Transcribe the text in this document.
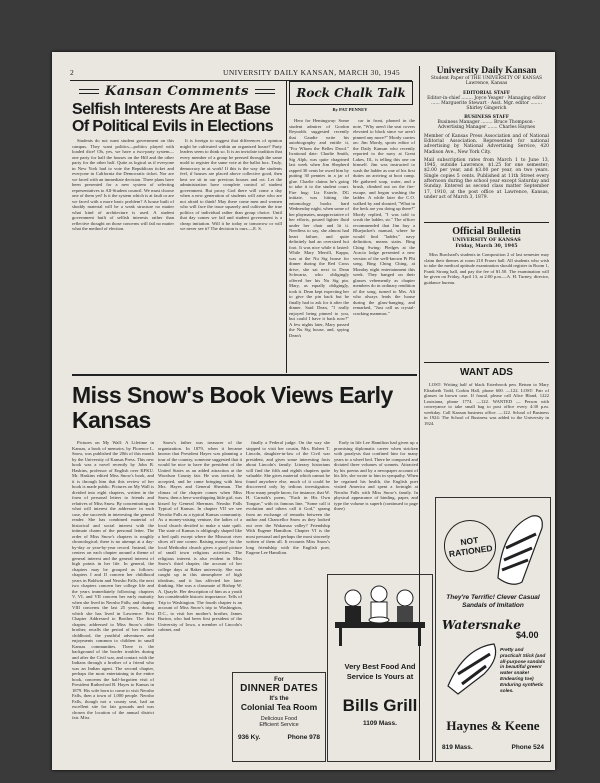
2	UNIVERSITY DAILY KANSAN, MARCH 30, 1945
Kansan Comments
Selfish Interests Are at Base Of Political Evils in Elections

Students do not want student government on this campus. They want politics—politics played with loaded dice! Oh, yes, we have a two-party system—one party for half the houses on the Hill and the other party for the other half. Quite as logical as if everyone in New York had to vote the Republican ticket and everyone in California the Democratic ticket. Nor are we faced with an immediate decision. Three plans have been presented for a new system of selecting representatives to All-Student council. We must choose one of them yet! Is it the system which is at fault or are we faced with a more basic problem? A house built of shoddy material will be a weak structure no matter what kind of architecture is used. A student government built of selfish interests rather than reflective thought on those concerns will fail no matter what the method of election.

It is foreign to suggest that differences of opinion might be cultivated within an organized house? Party leaders seem to think so. It is an inviolate tradition that every member of a group be pressed through the same mold to register the same vote at the ballot box. Truly, democracy in at work! If this is the way the students feel, if houses are placed above collective good, then best we sit in our previous houses and rot. Let the administration have complete control of student government. But proxy God there will come a day when a new generation of students will arise who are not afraid to think! May there come men and women who will face the issue squarely and cultivate the true politics of individual rather than group choice. Until that day comes we fail and student government is a cheap imitation. Will it be today or tomorrow or will we never see it? The decision is ours.—E. S.

Rock Chalk Talk
By PAT PENNEY

Hero for Hemingway: Some student admirer of Gordon Reynolds suggested recently that Gaudie write his autobiography and entitle it, "For Whom the Belles Drool." Irrational date: Charlie Smith, Sig Alph, was quite chagrined last week when Jim Shepherd rapped 30 cents he owed him by putting 30 pennies in a jar of glue. Charlie claims he's going to take it to the student court. Fire bug: Liz Esterle, DG initiate, was hitting the entomology books hard Wednesday night, when some of her playmates, unappreciative of her efforts, poured lighter fluid under her chair and lit it. Needless to say, she almost had heart failure, and quite definitely had an oversized hot foot. It was nice while it lasted: While Mary Merrill, Kappa, was at the Nu Sig house for dinner during the Red Cross drive, she sat next to Dean Schwartz, who obligingly offered her his Nu Sig pin. Mary, as equally obligingly, took it. Dean kept expecting her to give the pin back but he finally had to ask for it after the dinner. Said Dean, "I really enjoyed being pinned to you, but could I have it back now?" A few nights later, Mary passed the Nu Sig house, and, spying Dean's

car in front, phoned in the note, "Why aren't the seat covers elevated to black since we aren't pinned any more?" Mordy carries on: Jim Mordy, sports editor of the Daily Kansan who recently reported to the navy at Great Lakes, Ill., is telling this one on himself. Jim was instructed to wash the ladder as one of his first duties on arriving at boot camp. He gathered soap, water, and a brush, climbed out on the fire-escape, and began washing the ladder. A while later the C.O. walked by and shouted, "What in the heck are you doing up there?" Mordy replied, "I was told to scrub the ladder, sir." The officer recommended that Jim buy a Bluejacket's manual, where he would find "ladder," navy definition, means stairs. Bing Ching Swing: Pledges at the Acacia lodge presented a new version of the well-known Pi Phi song, Bing Ching Ching, at Monday night entertainment this week. They banged on their glasses vehemently as chapter members do in ordinary rendition of the song, turned to Mrs. Alt who always leads the house during the glass-banging, and remarked, "Just call us crystal-cracking mammas."

University Daily Kansan
Student Paper of THE UNIVERSITY OF KANSAS Lawrence, Kansas
EDITORIAL STAFF
Editor-in-chief ........ Joyce Yeager · Managing editor ...... Marguerite Stewart · Asst. Mgr. editor ........ Shirley Gingerich
BUSINESS STAFF
Business Manager ........ Bruce Thompson · Advertising Manager ....... Charles Haynes
Member of Kansas Press Association and of National Editorial Association. Represented for national advertising by National Advertising Service, 420 Madison Ave., New York City.
Mail subscription rates from March 1 to June 13, 1945, outside Lawrence, $1.25 for one semester; $2.00 per year, and $3.00 per year, on two years. Single copies 5 cents. Published at 11th Street every afternoon during the school year except Saturday and Sunday. Entered as second class matter September 17, 1910, at the post office at Lawrence, Kansas, under act of March 3, 1879.
Official Bulletin
UNIVERSITY OF KANSAS
Friday, March 30, 1945

Miss Burchard's students in Composition 2 of last semester may claim their themes at room 210 Fraser hall. All students who wish to take the medical aptitude examination should register in Room 1, Frank Strong hall, and pay the fee of $1.50. The examination will be given on Friday, April 13, at 2:00 p.m.—A. H. Turney, director, guidance bureau.

WANT ADS

LOST: Writing half of black Esterbrook pen. Return to Mary Elizabeth Todd, Corbin Hall, phone 600. —122. LOST: Pair of glasses in brown case. If found, please call Alice Bland, 1222 Louisiana, phone 1774. —122. WANTED — Person with conveyance to take small bag to post office every 4:30 p.m. weekday. Call Kansan business office. —122. School of Business in 1924: The School of Business was added to the University in 1924.

Miss Snow's Book Views Early Kansas

Pictures on My Wall: A Lifetime in Kansas, a book of memoirs, by Florence L. Snow, was published the 20th of this month by the University of Kansas Press. This new book was a novel recently by John B. Haskins, professor of English over KFKU. Mr. Haskins edited Miss Snow's book, and it is through him that this review of her book is made public. Pictures on My Wall is divided into eight chapters, written in the form of personal letters to friends and relatives of Miss Snow. By concentrating on what will interest the addressee in each case, she succeeds in interesting the general reader. She has combined material of historical and social interest with the intimate charm of the personal letter. The order of Miss Snow's chapters is roughly chronological; there is no attempt at a day-by-day or year-by-year record. Instead, the centers on each chapter around a theme of general interest and the general interest of high points in her life. In general, the chapters may be grouped as follows: chapters I and II concern her childhood years in Baldwin and Neosho Falls; the next two chapters concern her college life and the years immediately following; chapters V, VI, and VII concern her early maturity when she lived in Neosho Falls; and chapter VIII concerns the last 25 years, during which she has lived in Lawrence. First Chapter Addressed to Brother. The first chapter, addressed to Miss Snow's older brother, recalls the period of her earliest childhood, the youthful adventures and enjoyments common to children in small Kansas communities. There is the background of the border troubles during and after the Civil war, and contact with the Indians through a brother of a friend who was an Indian agent. The second chapter, perhaps the most entertaining in the entire book, concerns the half-forgotten visit of President Rutherford B. Hayes to Kansas in 1879. His wife born to come to visit Neosho Falls, then a town of 1,000 people. Neosho Falls, though not a county seat, had an excellent site for fair grounds and was chosen the location of the annual district fair. Miss

Snow's father was treasurer of the organization. In 1879, when it became known that President Hayes was planning a tour of the country, someone suggested that it would be nice to have the president of the United States as an added attraction at the Woodson County fair. He was invited, he accepted, and he came bringing with him Mrs. Hayes and General Sherman. The climax of the chapter comes when Miss Snow, then a hero-worshipping little girl, was kissed by General Sherman. Neosho Falls Typical of Kansas. In chapter VII we see Neosho Falls as a typical Kansas community. As a money-raising venture, the ladies of a local church decided to make a state quilt. The state of Kansas is obligingly shaped like a bed quilt except where the Missouri river slices off one corner. Raising money for the local Methodist church gives a good picture of small town religious activities. The religious interest is also evident in Miss Snow's third chapter, the account of her college days at Baker university. She was caught up in this atmosphere of high idealism, and it has affected her later thinking. She was a classmate of Bishop W. A. Quayle. Her description of him as a youth has considerable historic importance. Tells of Trip to Washington. The fourth chapter is an account of Miss Snow's trip to Washington, D.C., to visit her mother's brother, James Burton, who had been first president of the University of Iowa, a member of Lincoln's cabinet, and

finally a Federal judge. On the way she stopped to visit her cousin, Mrs. Robert T. Lincoln, daughter-in-law of the Civil war president, and gives some interesting facts about Lincoln's family. Literary historians will find the fifth and eighth chapters quite valuable. She gives material which cannot be found anywhere else, much of it could be discovered only by tedious investigation. How many people know, for instance, that W. H. Carruth's poem, "Each in His Own Tongue," with its famous line, "Some call it evolution and others call it God," sprang from an exchange of remarks between the author and Chancellor Snow as they looked out over the Wakarusa valley? Friendship With Eugene Hamilton. Chapter VI is the most personal and perhaps the most sincerely written of them all. It recounts Miss Snow's long friendship with the English poet, Eugene Lee Hamilton.

Early in life Lee Hamilton had given up a promising diplomatic career when stricken with paralysis that confined him for many years to a wheel bed. There he composed and dictated three volumes of sonnets. Attracted by his poems and by a newspaper account of his life, she wrote to him in sympathy. When he regained his health, the English poet visited America and spent a fortnight at Neosho Falls with Miss Snow's family. In physical appearance of binding, paper, and type the volume is superb (continued to page three)

For
DINNER DATES
It's the
Colonial Tea Room
Delicious Food
Efficient Service
936 Ky.	Phone 978
Very Best Food And Service Is Yours at
Bills Grill
1109 Mass.
NOT RATIONED
They're Terrific! Clever Casual Sandals of Imitation
Watersnake
$4.00
Pretty and practical! Slick (and all-purpose sandals in beautiful green! water snake! Endearing toe) Enduring synthetic soles.
Haynes & Keene
819 Mass.	Phone 524
